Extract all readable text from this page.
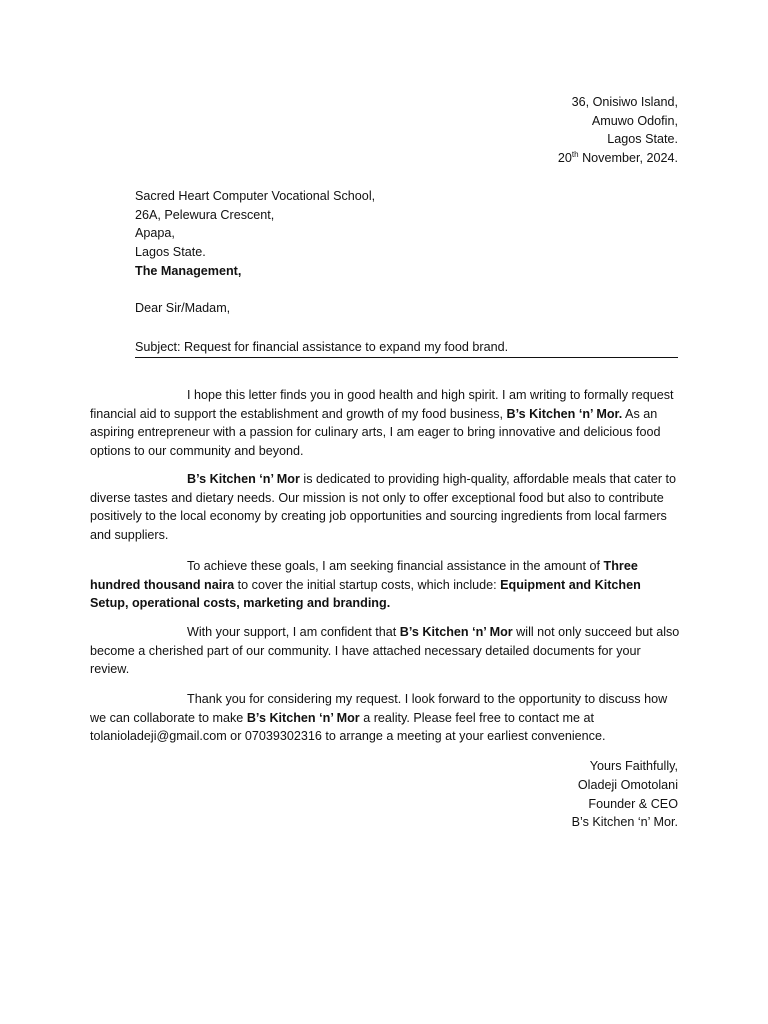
36, Onisiwo Island,
Amuwo Odofin,
Lagos State.
20th November, 2024.
Sacred Heart Computer Vocational School,
26A, Pelewura Crescent,
Apapa,
Lagos State.
The Management,
Dear Sir/Madam,
Subject: Request for financial assistance to expand my food brand.

I hope this letter finds you in good health and high spirit. I am writing to formally request financial aid to support the establishment and growth of my food business, B’s Kitchen ‘n’ Mor. As an aspiring entrepreneur with a passion for culinary arts, I am eager to bring innovative and delicious food options to our community and beyond.

B’s Kitchen ‘n’ Mor is dedicated to providing high-quality, affordable meals that cater to diverse tastes and dietary needs. Our mission is not only to offer exceptional food but also to contribute positively to the local economy by creating job opportunities and sourcing ingredients from local farmers and suppliers.

To achieve these goals, I am seeking financial assistance in the amount of Three hundred thousand naira to cover the initial startup costs, which include: Equipment and Kitchen Setup, operational costs, marketing and branding.

With your support, I am confident that B’s Kitchen ‘n’ Mor will not only succeed but also become a cherished part of our community. I have attached necessary detailed documents for your review.

Thank you for considering my request. I look forward to the opportunity to discuss how we can collaborate to make B’s Kitchen ‘n’ Mor a reality. Please feel free to contact me at tolanioladeji@gmail.com or 07039302316 to arrange a meeting at your earliest convenience.

Yours Faithfully,
Oladeji Omotolani
Founder & CEO
B’s Kitchen ‘n’ Mor.
